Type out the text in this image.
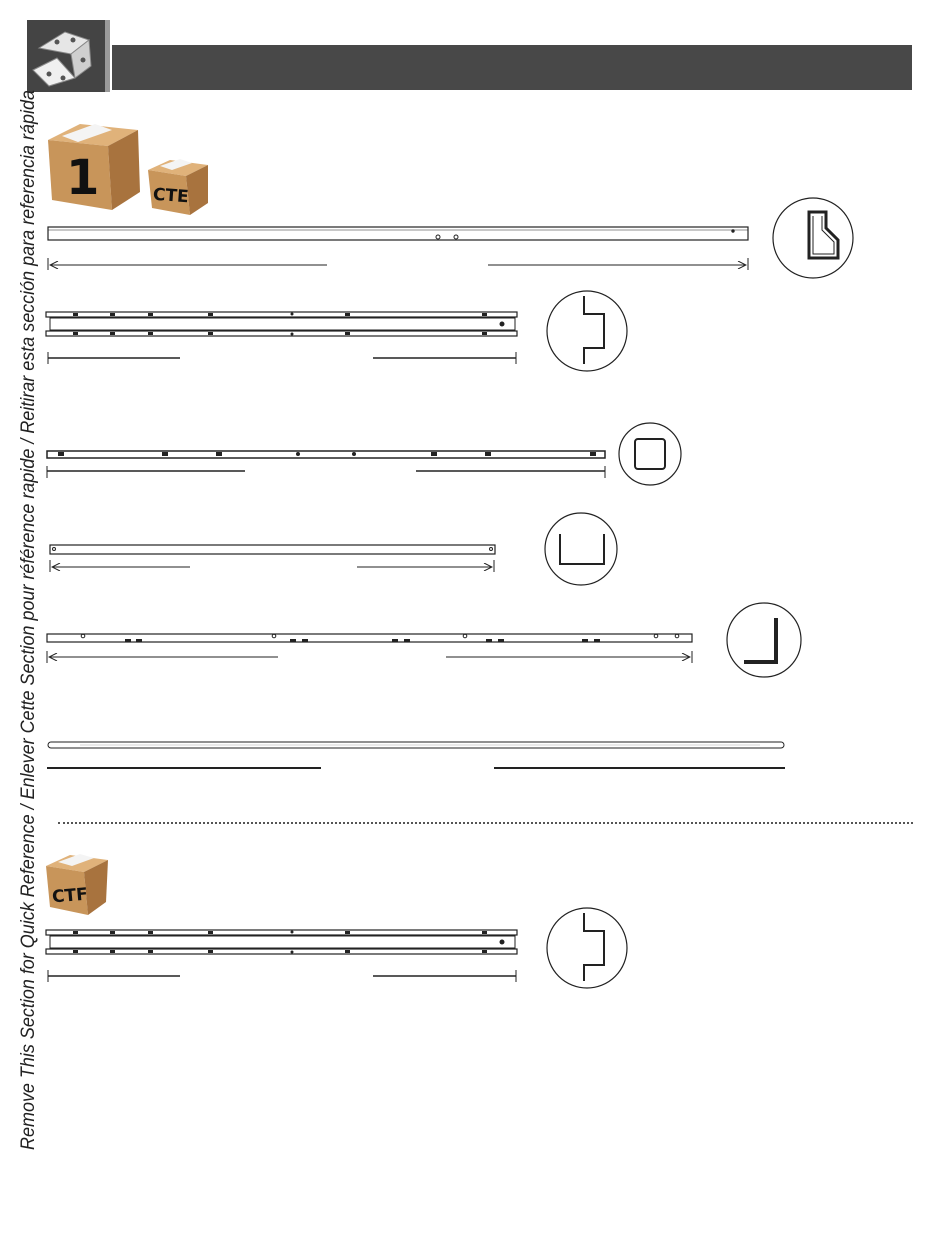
Remove This Section for Quick Reference / Enlever Cette Section pour référence rapide / Reitirar esta sección para referencia rápida 1	CTE
CTF
